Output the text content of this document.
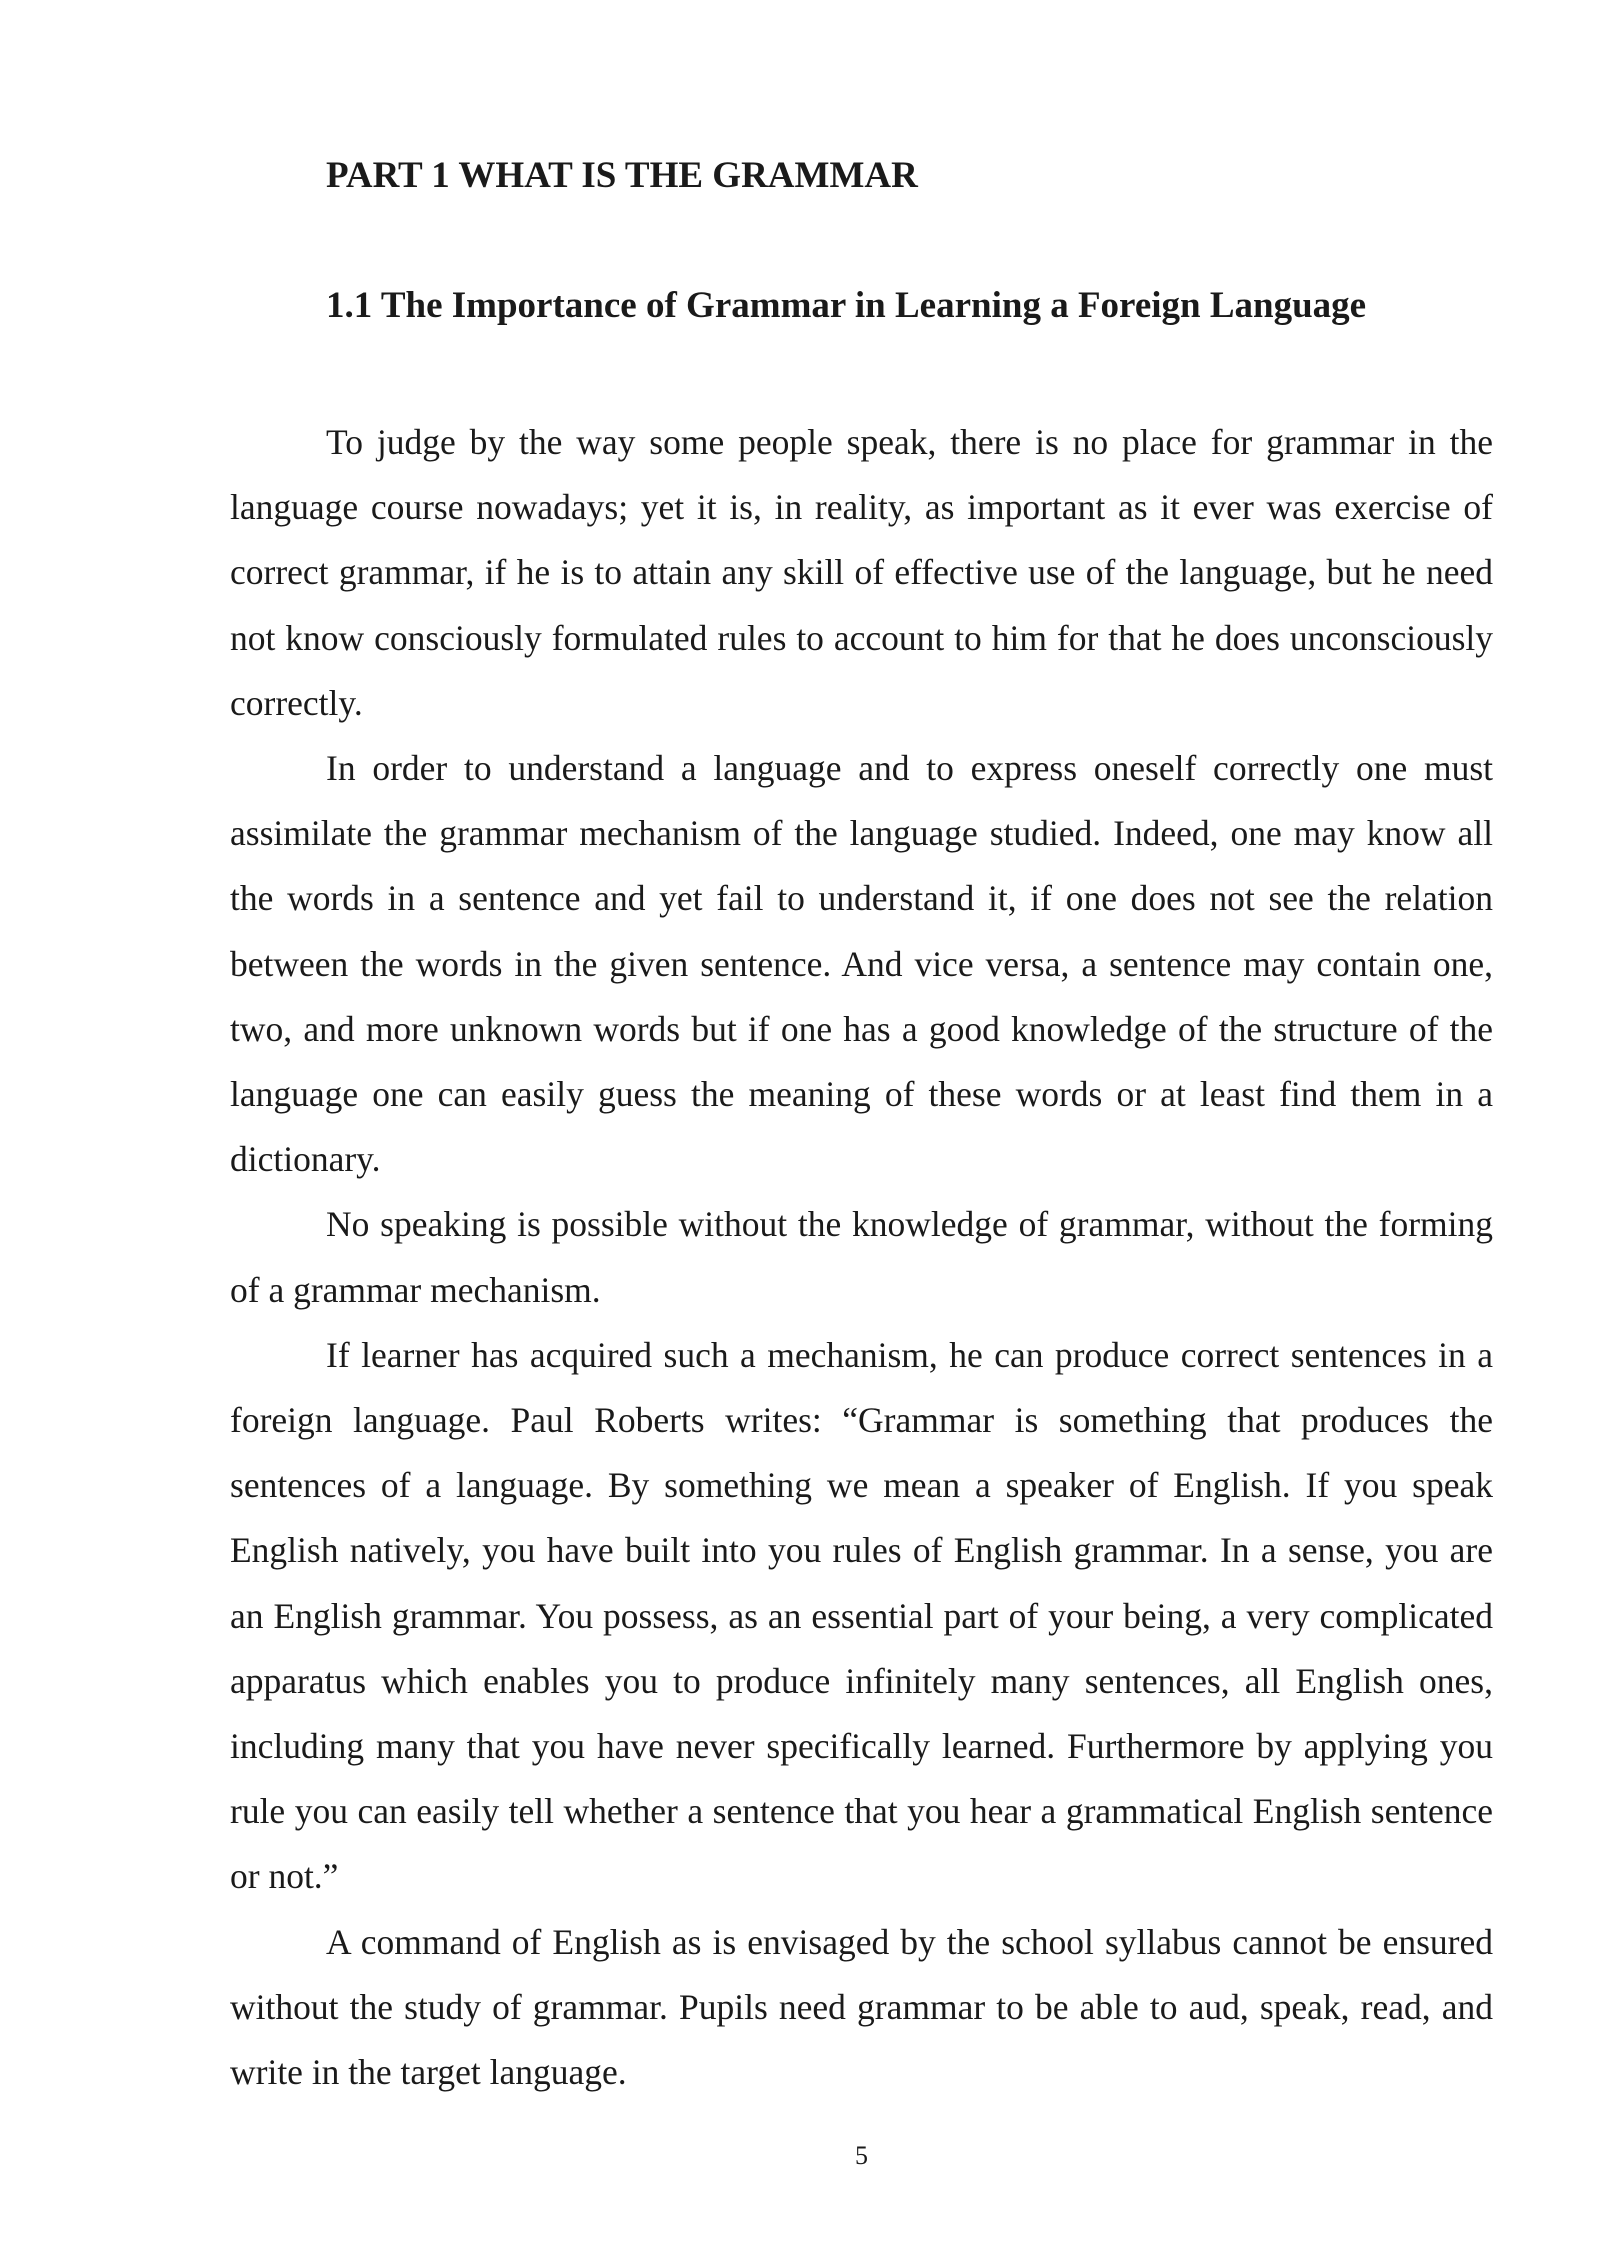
PART 1 WHAT IS THE GRAMMAR
1.1 The Importance of Grammar in Learning a Foreign Language

To judge by the way some people speak, there is no place for grammar in the language course nowadays; yet it is, in reality, as important as it ever was exercise of correct grammar, if he is to attain any skill of effective use of the language, but he need not know consciously formulated rules to account to him for that he does unconsciously correctly.

In order to understand a language and to express oneself correctly one must assimilate the grammar mechanism of the language studied. Indeed, one may know all the words in a sentence and yet fail to understand it, if one does not see the relation between the words in the given sentence. And vice versa, a sentence may contain one, two, and more unknown words but if one has a good knowledge of the structure of the language one can easily guess the meaning of these words or at least find them in a dictionary.

No speaking is possible without the knowledge of grammar, without the forming of a grammar mechanism.

If learner has acquired such a mechanism, he can produce correct sentences in a foreign language. Paul Roberts writes: “Grammar is something that produces the sentences of a language. By something we mean a speaker of English. If you speak English natively, you have built into you rules of English grammar. In a sense, you are an English grammar. You possess, as an essential part of your being, a very complicated apparatus which enables you to produce infinitely many sentences, all English ones, including many that you have never specifically learned. Furthermore by applying you rule you can easily tell whether a sentence that you hear a grammatical English sentence or not.”

A command of English as is envisaged by the school syllabus cannot be ensured without the study of grammar. Pupils need grammar to be able to aud, speak, read, and write in the target language.

5
